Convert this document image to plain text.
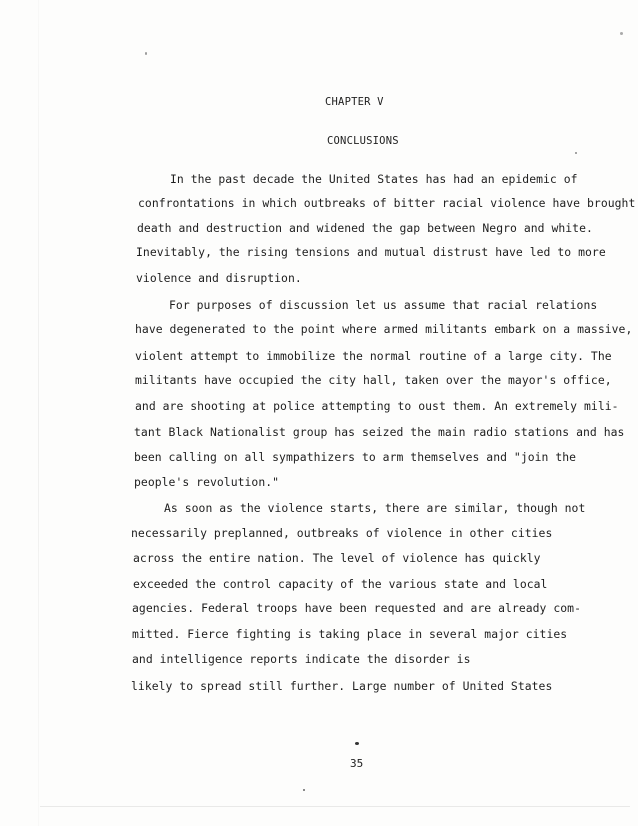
CHAPTER V
CONCLUSIONS
In the past decade the United States has had an epidemic of
confrontations in which outbreaks of bitter racial violence have brought
death and destruction and widened the gap between Negro and white.
Inevitably, the rising tensions and mutual distrust have led to more
violence and disruption.
For purposes of discussion let us assume that racial relations
have degenerated to the point where armed militants embark on a massive,
violent attempt to immobilize the normal routine of a large city. The
militants have occupied the city hall, taken over the mayor's office,
and are shooting at police attempting to oust them. An extremely mili-
tant Black Nationalist group has seized the main radio stations and has
been calling on all sympathizers to arm themselves and "join the
people's revolution."
As soon as the violence starts, there are similar, though not
necessarily preplanned, outbreaks of violence in other cities
across the entire nation. The level of violence has quickly
exceeded the control capacity of the various state and local
agencies. Federal troops have been requested and are already com-
mitted. Fierce fighting is taking place in several major cities
and intelligence reports indicate the disorder is
likely to spread still further. Large number of United States
35
